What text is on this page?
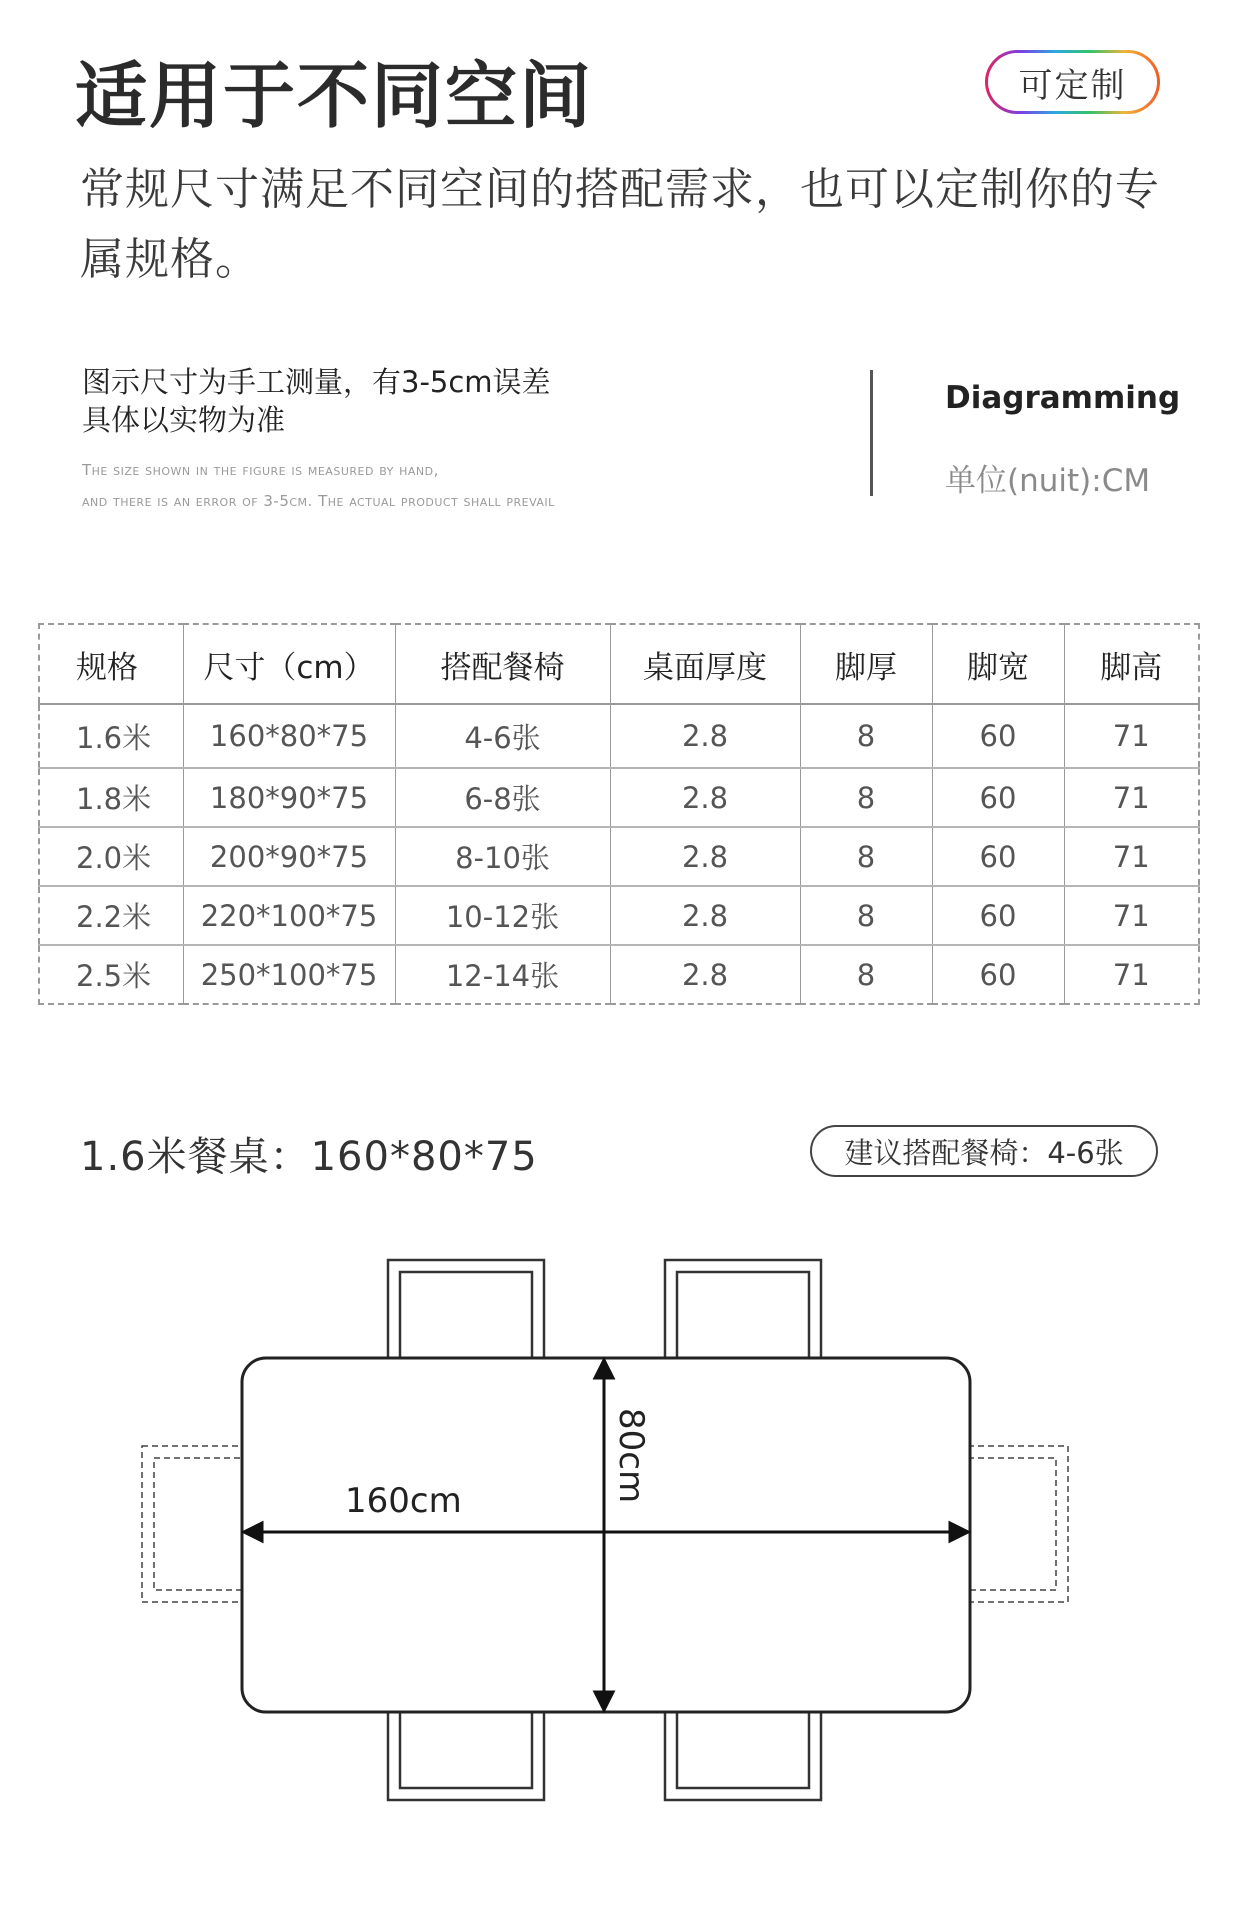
适用于不同空间	可定制

常规尺寸满足不同空间的搭配需求，也可以定制你的专属规格。

图示尺寸为手工测量，有3-5cm误差
具体以实物为准
The size shown in the figure is measured by hand,
and there is an error of 3-5cm. The actual product shall prevail
Diagramming
单位(nuit):CM
规格	尺寸（cm）	搭配餐椅	桌面厚度	脚厚	脚宽	脚高
1.6米	160*80*75	4-6张	2.8	8	60	71
1.8米	180*90*75	6-8张	2.8	8	60	71
2.0米	200*90*75	8-10张	2.8	8	60	71
2.2米	220*100*75	10-12张	2.8	8	60	71
2.5米	250*100*75	12-14张	2.8	8	60	71
1.6米餐桌：160*80*75	建议搭配餐椅：4-6张
160cm	80cm
